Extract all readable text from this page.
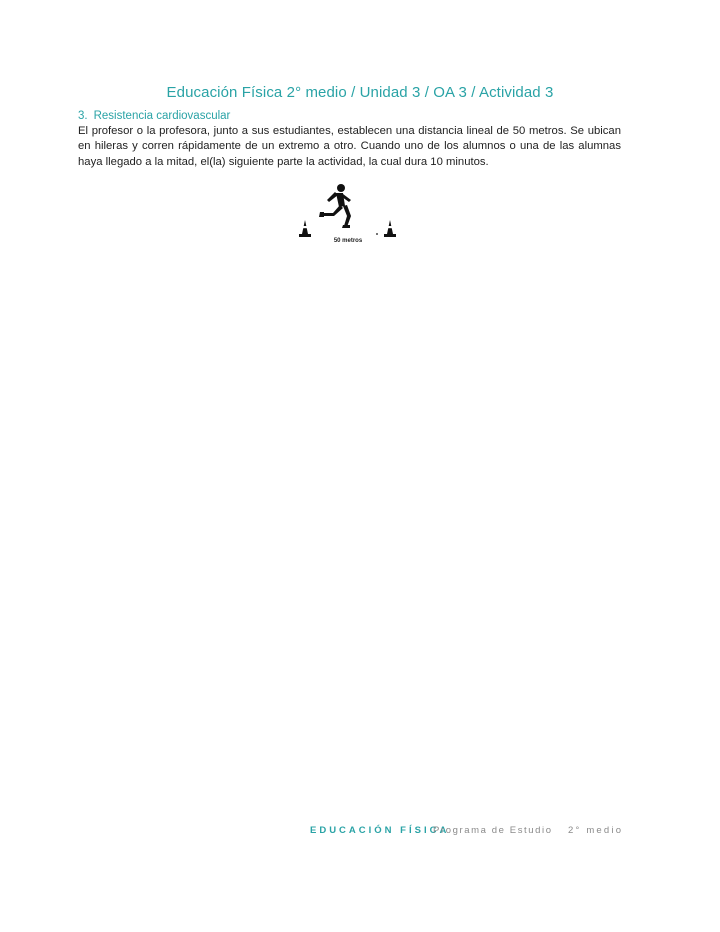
Educación Física 2° medio / Unidad 3 / OA 3 / Actividad 3
3. Resistencia cardiovascular

El profesor o la profesora, junto a sus estudiantes, establecen una distancia lineal de 50 metros. Se ubican en hileras y corren rápidamente de un extremo a otro. Cuando uno de los alumnos o una de las alumnas haya llegado a la mitad, el(la) siguiente parte la actividad, la cual dura 10 minutos.

50 metros
EDUCACIÓN FÍSICA
Programa de Estudio 2° medio
